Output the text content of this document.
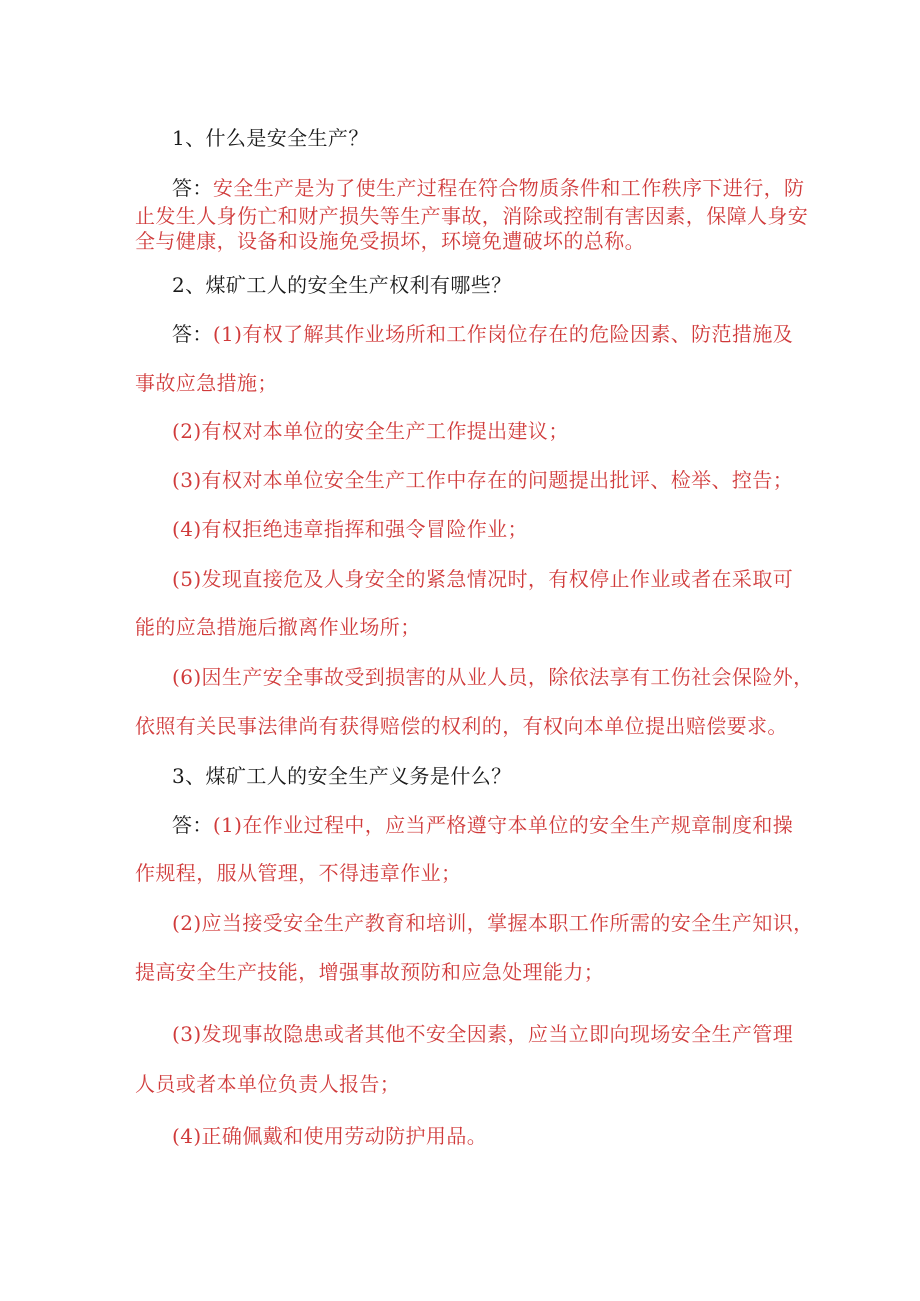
1、什么是安全生产？
答：安全生产是为了使生产过程在符合物质条件和工作秩序下进行，防
止发生人身伤亡和财产损失等生产事故，消除或控制有害因素，保障人身安
全与健康，设备和设施免受损坏，环境免遭破坏的总称。
2、煤矿工人的安全生产权利有哪些？
答：(1)有权了解其作业场所和工作岗位存在的危险因素、防范措施及
事故应急措施；
(2)有权对本单位的安全生产工作提出建议；
(3)有权对本单位安全生产工作中存在的问题提出批评、检举、控告；
(4)有权拒绝违章指挥和强令冒险作业；
(5)发现直接危及人身安全的紧急情况时，有权停止作业或者在采取可
能的应急措施后撤离作业场所；
(6)因生产安全事故受到损害的从业人员，除依法享有工伤社会保险外，
依照有关民事法律尚有获得赔偿的权利的，有权向本单位提出赔偿要求。
3、煤矿工人的安全生产义务是什么？
答：(1)在作业过程中，应当严格遵守本单位的安全生产规章制度和操
作规程，服从管理，不得违章作业；
(2)应当接受安全生产教育和培训，掌握本职工作所需的安全生产知识，
提高安全生产技能，增强事故预防和应急处理能力；
(3)发现事故隐患或者其他不安全因素，应当立即向现场安全生产管理
人员或者本单位负责人报告；
(4)正确佩戴和使用劳动防护用品。
